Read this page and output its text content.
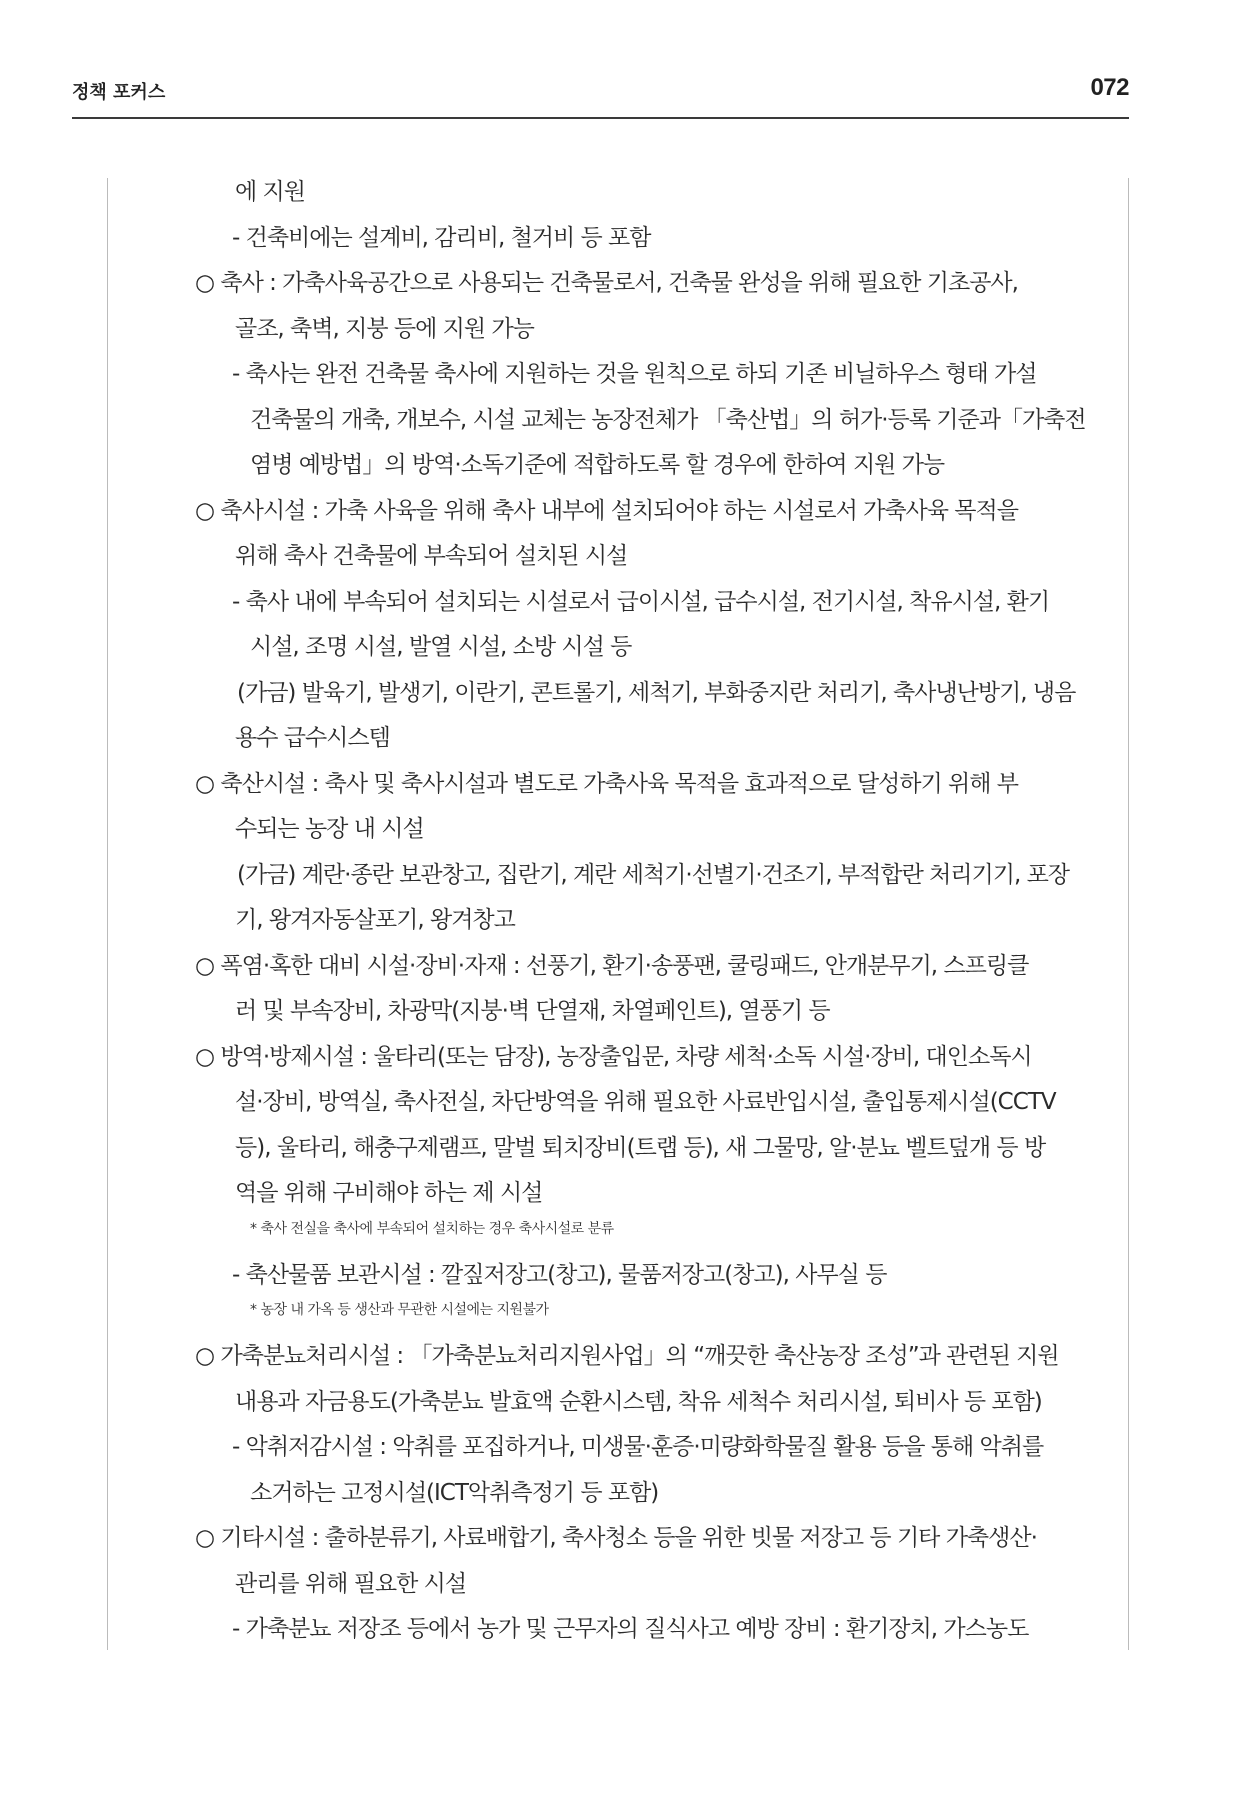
정책 포커스	072
에 지원
- 건축비에는 설계비, 감리비, 철거비 등 포함
○ 축사 : 가축사육공간으로 사용되는 건축물로서, 건축물 완성을 위해 필요한 기초공사,
골조, 축벽, 지붕 등에 지원 가능
- 축사는 완전 건축물 축사에 지원하는 것을 원칙으로 하되 기존 비닐하우스 형태 가설
건축물의 개축, 개보수, 시설 교체는 농장전체가 「축산법」의 허가·등록 기준과「가축전
염병 예방법」의 방역·소독기준에 적합하도록 할 경우에 한하여 지원 가능
○ 축사시설 : 가축 사육을 위해 축사 내부에 설치되어야 하는 시설로서 가축사육 목적을
위해 축사 건축물에 부속되어 설치된 시설
- 축사 내에 부속되어 설치되는 시설로서 급이시설, 급수시설, 전기시설, 착유시설, 환기
시설, 조명 시설, 발열 시설, 소방 시설 등
(가금) 발육기, 발생기, 이란기, 콘트롤기, 세척기, 부화중지란 처리기, 축사냉난방기, 냉음
용수 급수시스템
○ 축산시설 : 축사 및 축사시설과 별도로 가축사육 목적을 효과적으로 달성하기 위해 부
수되는 농장 내 시설
(가금) 계란·종란 보관창고, 집란기, 계란 세척기·선별기·건조기, 부적합란 처리기기, 포장
기, 왕겨자동살포기, 왕겨창고
○ 폭염·혹한 대비 시설·장비·자재 : 선풍기, 환기·송풍팬, 쿨링패드, 안개분무기, 스프링클
러 및 부속장비, 차광막(지붕·벽 단열재, 차열페인트), 열풍기 등
○ 방역·방제시설 : 울타리(또는 담장), 농장출입문, 차량 세척·소독 시설·장비, 대인소독시
설·장비, 방역실, 축사전실, 차단방역을 위해 필요한 사료반입시설, 출입통제시설(CCTV
등), 울타리, 해충구제램프, 말벌 퇴치장비(트랩 등), 새 그물망, 알·분뇨 벨트덮개 등 방
역을 위해 구비해야 하는 제 시설
* 축사 전실을 축사에 부속되어 설치하는 경우 축사시설로 분류
- 축산물품 보관시설 : 깔짚저장고(창고), 물품저장고(창고), 사무실 등
* 농장 내 가옥 등 생산과 무관한 시설에는 지원불가
○ 가축분뇨처리시설 : 「가축분뇨처리지원사업」의 “깨끗한 축산농장 조성”과 관련된 지원
내용과 자금용도(가축분뇨 발효액 순환시스템, 착유 세척수 처리시설, 퇴비사 등 포함)
- 악취저감시설 : 악취를 포집하거나, 미생물·훈증·미량화학물질 활용 등을 통해 악취를
소거하는 고정시설(ICT악취측정기 등 포함)
○ 기타시설 : 출하분류기, 사료배합기, 축사청소 등을 위한 빗물 저장고 등 기타 가축생산·
관리를 위해 필요한 시설
- 가축분뇨 저장조 등에서 농가 및 근무자의 질식사고 예방 장비 : 환기장치, 가스농도
